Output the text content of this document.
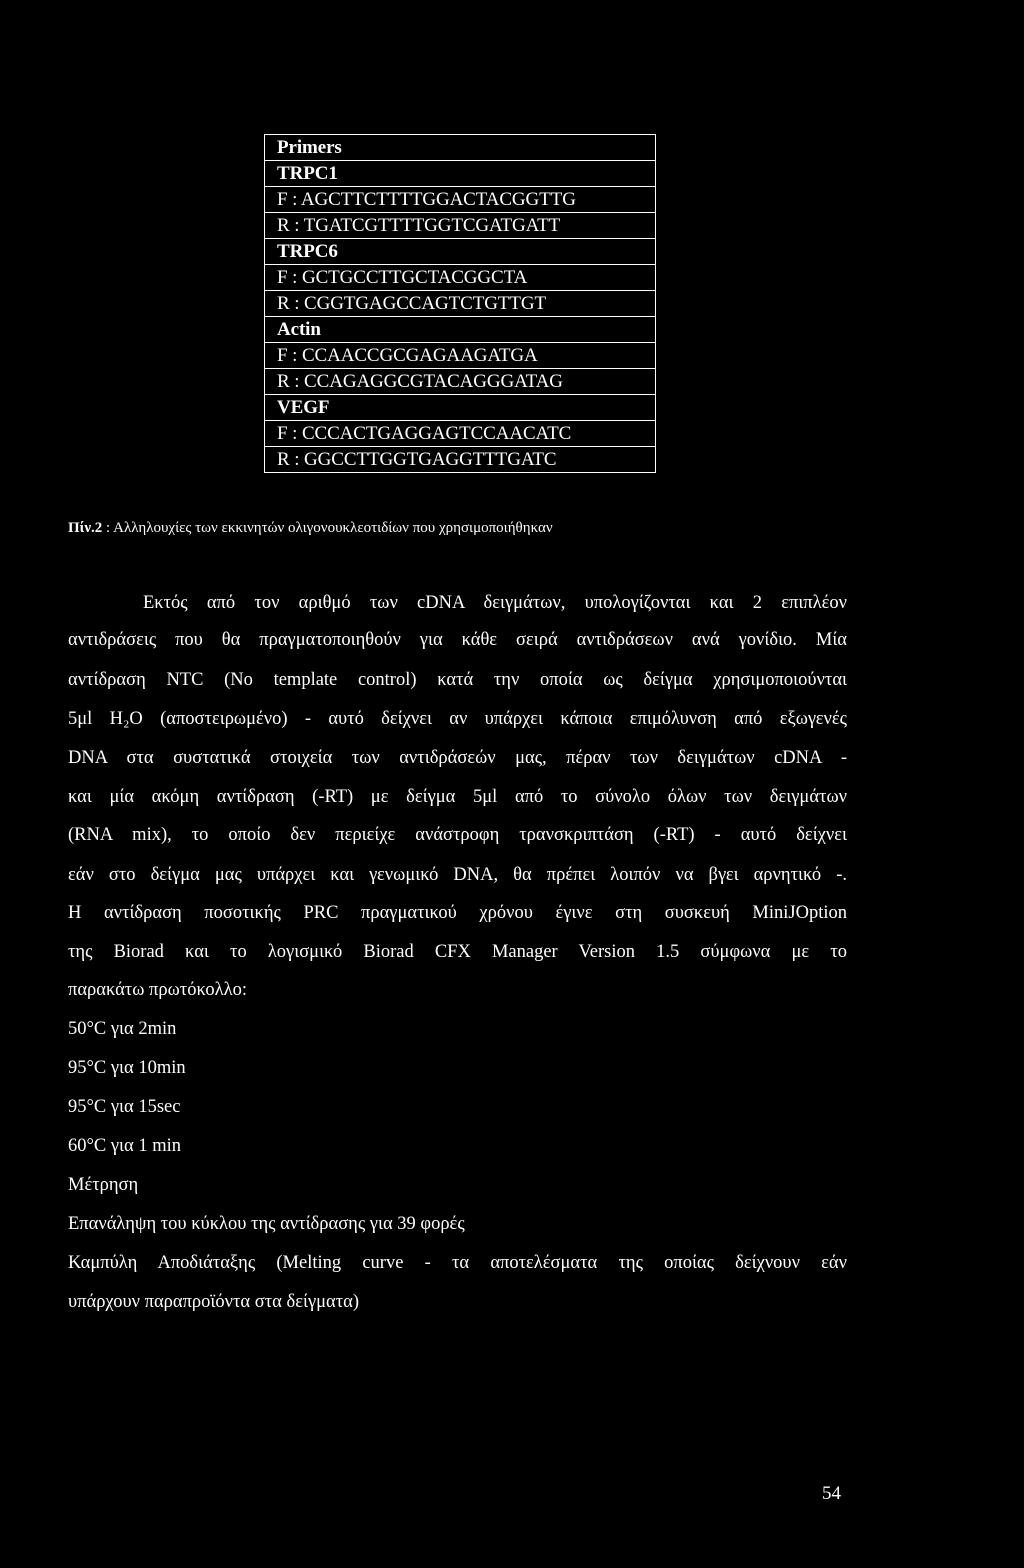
Primers
TRPC1
F : AGCTTCTTTTGGACTACGGTTG
R : TGATCGTTTTGGTCGATGATT
TRPC6
F : GCTGCCTTGCTACGGCTA
R : CGGTGAGCCAGTCTGTTGT
Actin
F : CCAACCGCGAGAAGATGA
R : CCAGAGGCGTACAGGGATAG
VEGF
F : CCCACTGAGGAGTCCAACATC
R : GGCCTTGGTGAGGTTTGATC
Πίν.2 : Αλληλουχίες των εκκινητών ολιγονουκλεοτιδίων που χρησιμοποιήθηκαν
Εκτός από τον αριθμό των cDNA δειγμάτων, υπολογίζονται και 2 επιπλέον
αντιδράσεις που θα πραγματοποιηθούν για κάθε σειρά αντιδράσεων ανά γονίδιο. Μία
αντίδραση NTC (No template control) κατά την οποία ως δείγμα χρησιμοποιούνται
5μl H₂O (αποστειρωμένο) - αυτό δείχνει αν υπάρχει κάποια επιμόλυνση από εξωγενές
DNA στα συστατικά στοιχεία των αντιδράσεών μας, πέραν των δειγμάτων cDNA -
και μία ακόμη αντίδραση (-RT) με δείγμα 5μl από το σύνολο όλων των δειγμάτων
(RNA mix), το οποίο δεν περιείχε ανάστροφη τρανσκριπτάση (-RT) - αυτό δείχνει
εάν στο δείγμα μας υπάρχει και γενωμικό DNA, θα πρέπει λοιπόν να βγει αρνητικό -.
Η αντίδραση ποσοτικής PRC πραγματικού χρόνου έγινε στη συσκευή MiniJOption
της Biorad και το λογισμικό Biorad CFX Manager Version 1.5 σύμφωνα με το
παρακάτω πρωτόκολλο:
50°C για 2min
95°C για 10min
95°C για 15sec
60°C για 1 min
Μέτρηση
Επανάληψη του κύκλου της αντίδρασης για 39 φορές
Καμπύλη Αποδιάταξης (Melting curve - τα αποτελέσματα της οποίας δείχνουν εάν
υπάρχουν παραπροϊόντα στα δείγματα)
54
